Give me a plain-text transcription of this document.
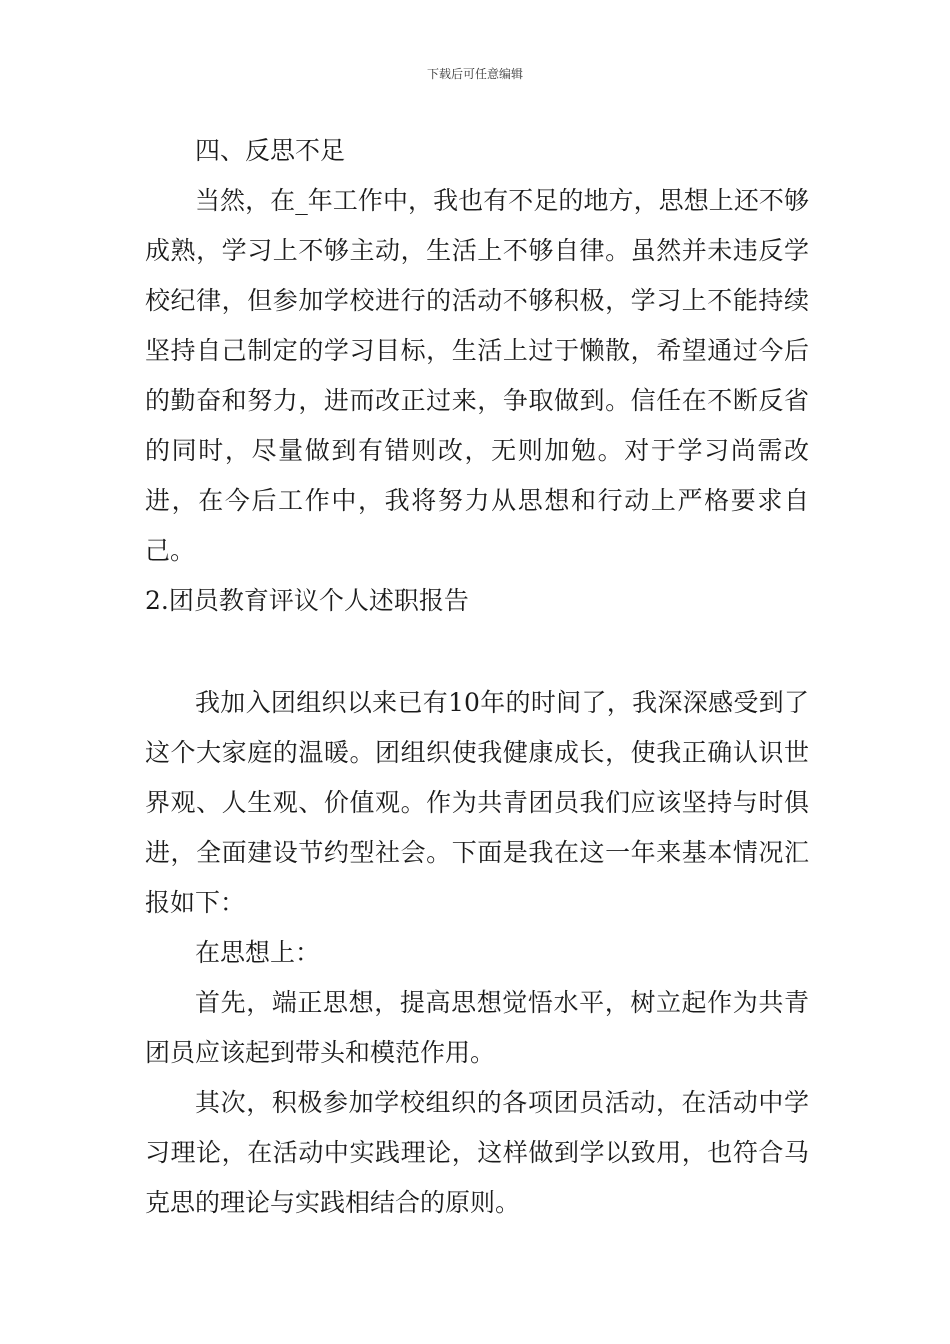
下载后可任意编辑

四、反思不足

当然，在_年工作中，我也有不足的地方，思想上还不够成熟，学习上不够主动，生活上不够自律。虽然并未违反学校纪律，但参加学校进行的活动不够积极，学习上不能持续坚持自己制定的学习目标，生活上过于懒散，希望通过今后的勤奋和努力，进而改正过来，争取做到。信任在不断反省的同时，尽量做到有错则改，无则加勉。对于学习尚需改进，在今后工作中，我将努力从思想和行动上严格要求自己。

2.团员教育评议个人述职报告

我加入团组织以来已有10年的时间了，我深深感受到了这个大家庭的温暖。团组织使我健康成长，使我正确认识世界观、人生观、价值观。作为共青团员我们应该坚持与时俱进，全面建设节约型社会。下面是我在这一年来基本情况汇报如下：

在思想上：

首先，端正思想，提高思想觉悟水平，树立起作为共青团员应该起到带头和模范作用。

其次，积极参加学校组织的各项团员活动，在活动中学习理论，在活动中实践理论，这样做到学以致用，也符合马克思的理论与实践相结合的原则。
